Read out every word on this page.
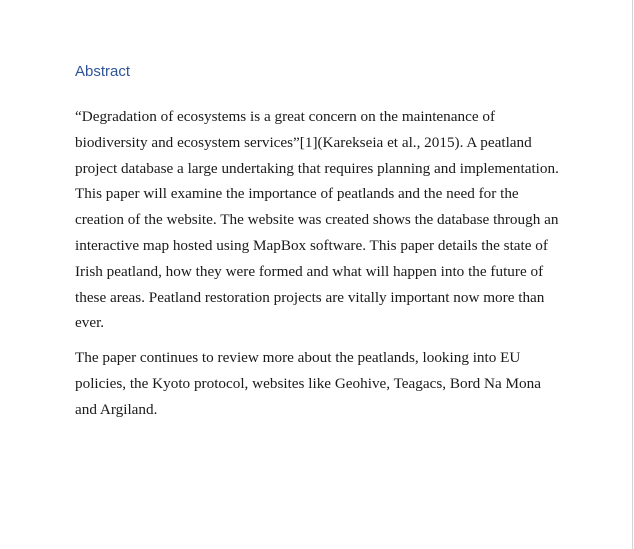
Abstract

“Degradation of ecosystems is a great concern on the maintenance of biodiversity and ecosystem services”[1](Karekseia et al., 2015). A peatland project database a large undertaking that requires planning and implementation. This paper will examine the importance of peatlands and the need for the creation of the website. The website was created shows the database through an interactive map hosted using MapBox software. This paper details the state of Irish peatland, how they were formed and what will happen into the future of these areas. Peatland restoration projects are vitally important now more than ever.

The paper continues to review more about the peatlands, looking into EU policies, the Kyoto protocol, websites like Geohive, Teagacs, Bord Na Mona and Argiland.
